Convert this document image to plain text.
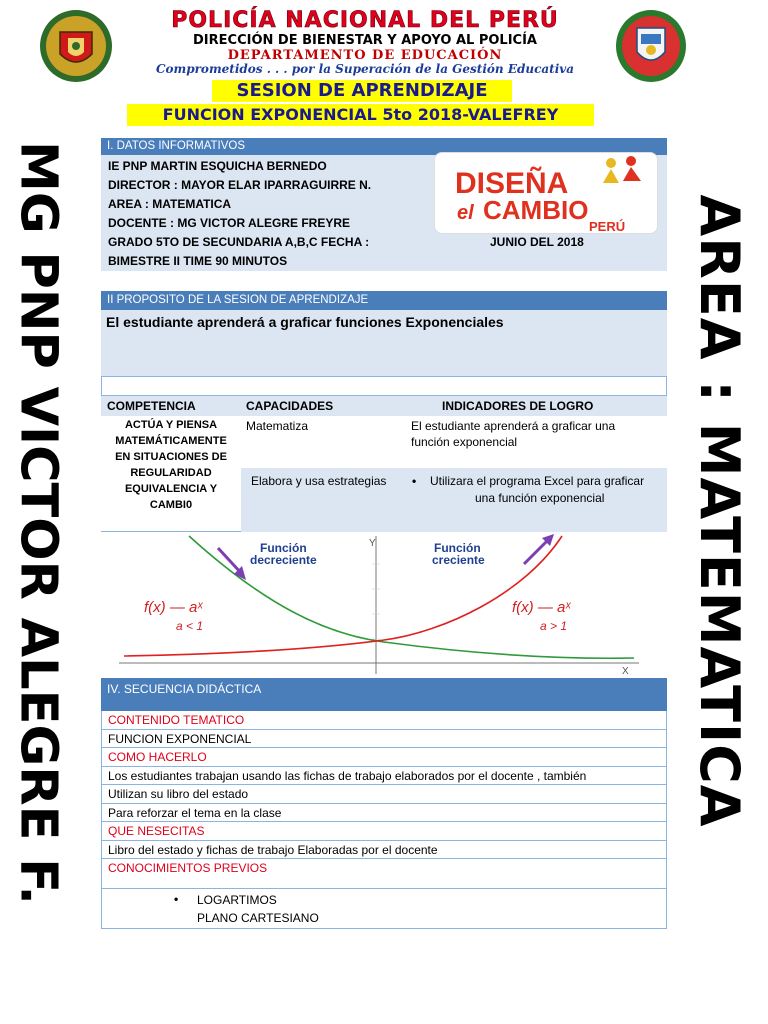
POLICÍA NACIONAL DEL PERÚ
DIRECCIÓN DE BIENESTAR Y APOYO AL POLICÍA
DEPARTAMENTO DE EDUCACIÓN
Comprometidos . . . por la Superación de la Gestión Educativa
SESION DE APRENDIZAJE
FUNCION EXPONENCIAL 5to 2018-VALEFREY
MG PNP VICTOR ALEGRE F.	AREA : MATEMATICA
I. DATOS INFORMATIVOS
IE PNP MARTIN ESQUICHA BERNEDO
DIRECTOR : MAYOR ELAR IPARRAGUIRRE N.
AREA : MATEMATICA
DOCENTE : MG VICTOR ALEGRE FREYRE
GRADO 5TO DE SECUNDARIA A,B,C FECHA :	JUNIO DEL 2018
BIMESTRE II TIME 90 MINUTOS
DISEÑA
el CAMBIO
PERÚ
II PROPOSITO DE LA SESION DE APRENDIZAJE
El estudiante aprenderá a graficar funciones Exponenciales
COMPETENCIA	CAPACIDADES	INDICADORES DE LOGRO
ACTÚA Y PIENSA
MATEMÁTICAMENTE
EN SITUACIONES DE
REGULARIDAD
EQUIVALENCIA Y
CAMBI0
Matematiza	El estudiante aprenderá a graficar una
función exponencial
Elabora y usa estrategias • Utilizara el programa Excel para graficar
una función exponencial
Función
decreciente
Función
creciente
f(x) — aˣ
a < 1
f(x) — aˣ
a > 1
Y
X
IV. SECUENCIA DIDÁCTICA
CONTENIDO TEMATICO
FUNCION EXPONENCIAL
COMO HACERLO
Los estudiantes trabajan usando las fichas de trabajo elaborados por el docente , también
Utilizan su libro del estado
Para reforzar el tema en la clase
QUE NESECITAS
Libro del estado y fichas de trabajo Elaboradas por el docente
CONOCIMIENTOS PREVIOS
• LOGARTIMOS
PLANO CARTESIANO
